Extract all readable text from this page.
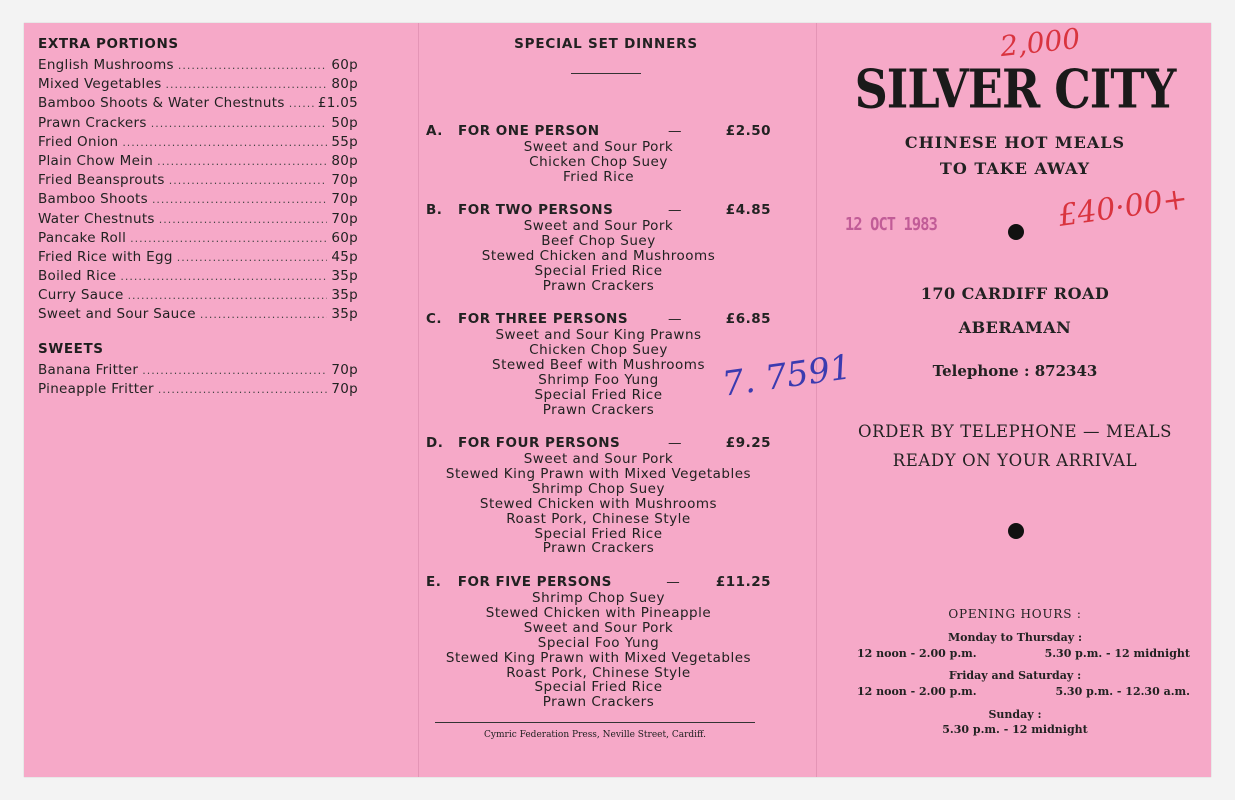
EXTRA PORTIONS
English Mushrooms .....	60p
Mixed Vegetables .....	80p
Bamboo Shoots & Water Chestnuts ..... £1.05
Prawn Crackers .....	50p
Fried Onion .....	55p
Plain Chow Mein .....	80p
Fried Beansprouts .....	70p
Bamboo Shoots .....	70p
Water Chestnuts .....	70p
Pancake Roll .....	60p
Fried Rice with Egg .....	45p
Boiled Rice .....	35p
Curry Sauce .....	35p
Sweet and Sour Sauce .....	35p
SWEETS
Banana Fritter .....	70p
Pineapple Fritter .....	70p
SPECIAL SET DINNERS
A.	FOR ONE PERSON	—	£2.50
Sweet and Sour Pork
Chicken Chop Suey
Fried Rice
B.	FOR TWO PERSONS	—	£4.85
Sweet and Sour Pork
Beef Chop Suey
Stewed Chicken and Mushrooms
Special Fried Rice
Prawn Crackers
C.	FOR THREE PERSONS	—	£6.85
Sweet and Sour King Prawns
Chicken Chop Suey
Stewed Beef with Mushrooms
Shrimp Foo Yung
Special Fried Rice
Prawn Crackers
D.	FOR FOUR PERSONS	—	£9.25
Sweet and Sour Pork
Stewed King Prawn with Mixed Vegetables
Shrimp Chop Suey
Stewed Chicken with Mushrooms
Roast Pork, Chinese Style
Special Fried Rice
Prawn Crackers
E.	FOR FIVE PERSONS	—	£11.25
Shrimp Chop Suey
Stewed Chicken with Pineapple
Sweet and Sour Pork
Special Foo Yung
Stewed King Prawn with Mixed Vegetables
Roast Pork, Chinese Style
Special Fried Rice
Prawn Crackers
Cymric Federation Press, Neville Street, Cardiff.
SILVER CITY
CHINESE HOT MEALS
TO TAKE AWAY
170 CARDIFF ROAD
ABERAMAN
Telephone : 872343
ORDER BY TELEPHONE — MEALS
READY ON YOUR ARRIVAL
OPENING HOURS :
Monday to Thursday :
12 noon - 2.00 p.m.	5.30 p.m. - 12 midnight
Friday and Saturday :
12 noon - 2.00 p.m.	5.30 p.m. - 12.30 a.m.
Sunday :
5.30 p.m. - 12 midnight
2,000
£40·00+
12 OCT 1983
7. 7591
